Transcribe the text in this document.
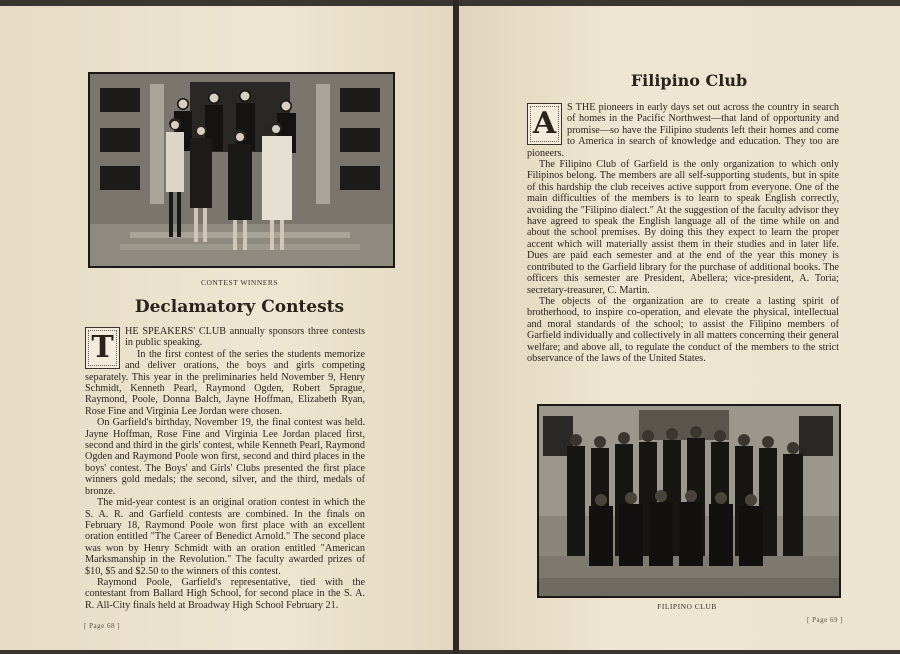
CONTEST WINNERS
Declamatory Contests

T	HE SPEAKERS' CLUB annually sponsors three contests in public speaking.

In the first contest of the series the students memorize and deliver orations, the boys and girls competing separately. This year in the preliminaries held November 9, Henry Schmidt, Kenneth Pearl, Raymond Ogden, Robert Sprague, Raymond, Poole, Donna Balch, Jayne Hoffman, Elizabeth Ryan, Rose Fine and Virginia Lee Jordan were chosen.

On Garfield's birthday, November 19, the final contest was held. Jayne Hoffman, Rose Fine and Virginia Lee Jordan placed first, second and third in the girls' contest, while Kenneth Pearl, Raymond Ogden and Raymond Poole won first, second and third places in the boys' contest. The Boys' and Girls' Clubs presented the first place winners gold medals; the second, silver, and the third, medals of bronze.

The mid-year contest is an original oration contest in which the S. A. R. and Garfield contests are combined. In the finals on February 18, Raymond Poole won first place with an excellent oration entitled "The Career of Benedict Arnold." The second place was won by Henry Schmidt with an oration entitled "American Marksmanship in the Revolution." The faculty awarded prizes of $10, $5 and $2.50 to the winners of this contest.

Raymond Poole, Garfield's representative, tied with the contestant from Ballard High School, for second place in the S. A. R. All-City finals held at Broadway High School February 21.

[ Page 68 ]
Filipino Club

A	S THE pioneers in early days set out across the country in search of homes in the Pacific Northwest—that land of opportunity and promise—so have the Filipino students left their homes and come to America in search of knowledge and education. They too are pioneers.

The Filipino Club of Garfield is the only organization to which only Filipinos belong. The members are all self-supporting students, but in spite of this hardship the club receives active support from everyone. One of the main difficulties of the members is to learn to speak English correctly, avoiding the "Filipino dialect." At the suggestion of the faculty advisor they have agreed to speak the English language all of the time while on and about the school premises. By doing this they expect to learn the proper accent which will materially assist them in their studies and in later life. Dues are paid each semester and at the end of the year this money is contributed to the Garfield library for the purchase of additional books. The officers this semester are President, Abellera; vice-president, A. Toria; secretary-treasurer, C. Martin.

The objects of the organization are to create a lasting spirit of brotherhood, to inspire co-operation, and elevate the physical, intellectual and moral standards of the school; to assist the Filipino members of Garfield individually and collectively in all matters concerning their general welfare; and above all, to regulate the conduct of the members to the strict observance of the laws of the United States.

FILIPINO CLUB
[ Page 69 ]
